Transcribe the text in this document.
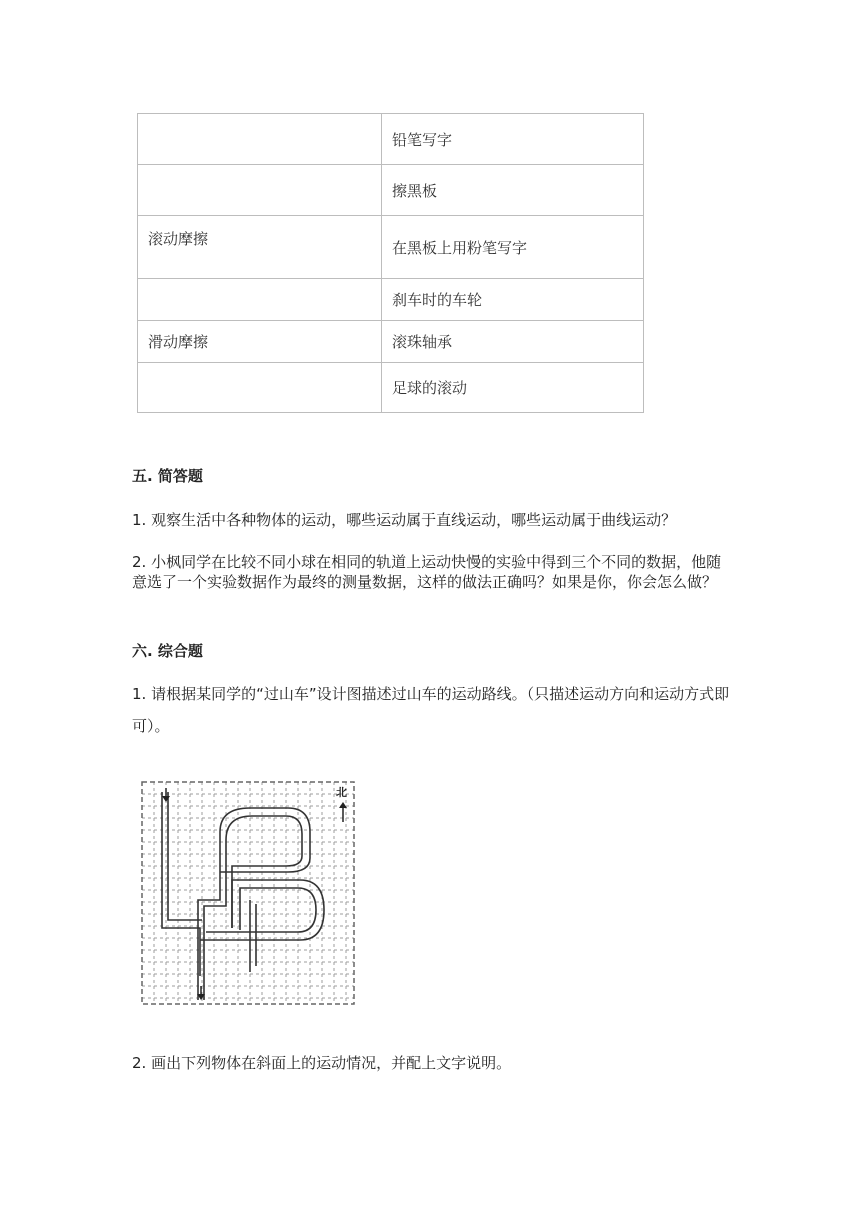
	铅笔写字
	擦黑板
滚动摩擦	在黑板上用粉笔写字
	刹车时的车轮
滑动摩擦	滚珠轴承
	足球的滚动
五. 简答题
1. 观察生活中各种物体的运动，哪些运动属于直线运动，哪些运动属于曲线运动？
2. 小枫同学在比较不同小球在相同的轨道上运动快慢的实验中得到三个不同的数据，他随意选了一个实验数据作为最终的测量数据，这样的做法正确吗？如果是你，你会怎么做？
六. 综合题
1. 请根据某同学的“过山车”设计图描述过山车的运动路线。（只描述运动方向和运动方式即可）。
北
2. 画出下列物体在斜面上的运动情况，并配上文字说明。
